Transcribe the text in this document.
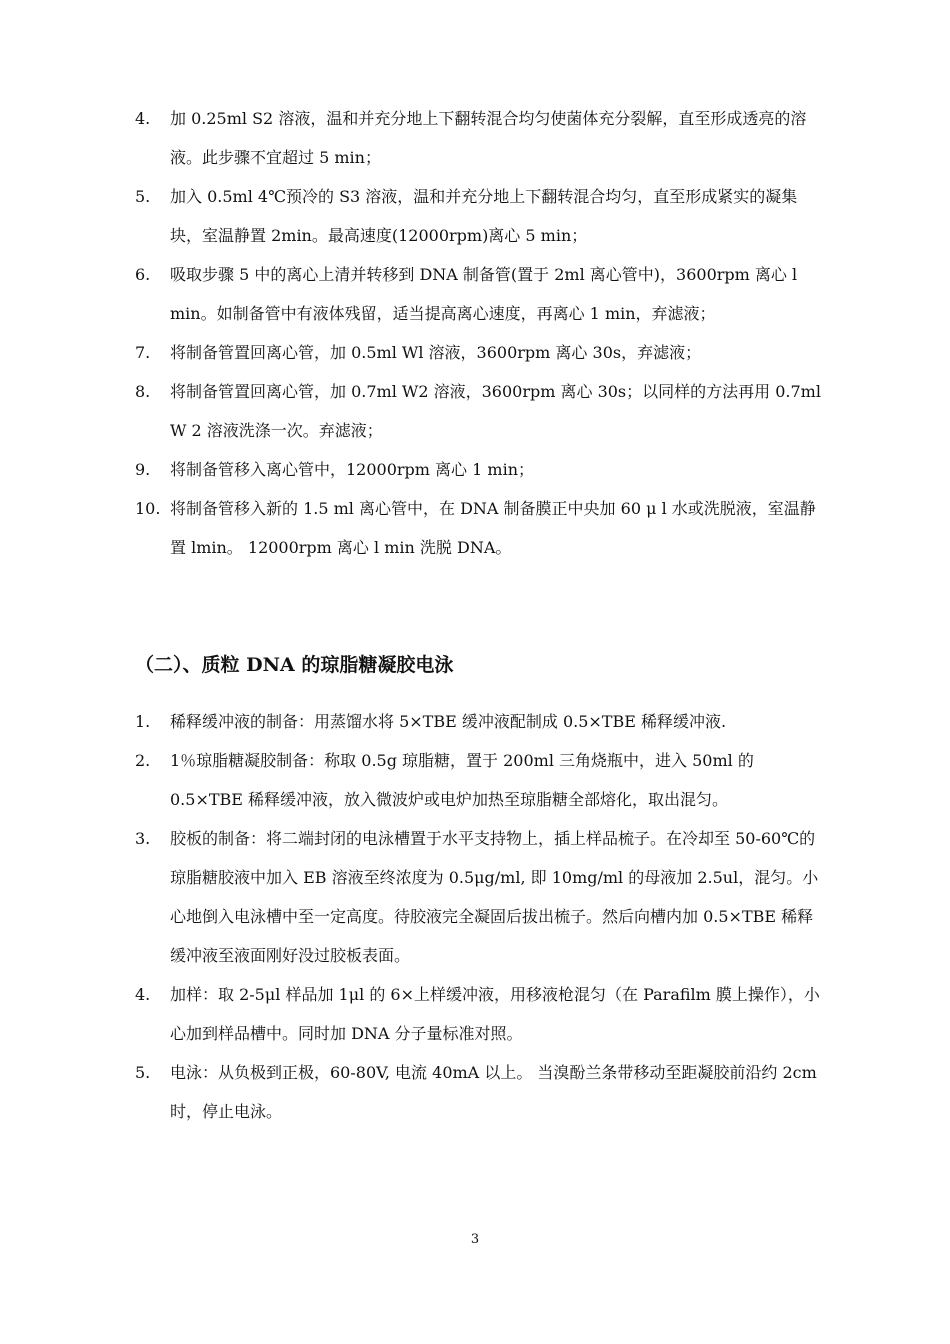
4. 加 0.25ml S2 溶液，温和并充分地上下翻转混合均匀使菌体充分裂解，直至形成透亮的溶液。此步骤不宜超过 5 min；
5. 加入 0.5ml 4℃预冷的 S3 溶液，温和并充分地上下翻转混合均匀，直至形成紧实的凝集块，室温静置 2min。最高速度(12000rpm)离心 5 min；
6. 吸取步骤 5 中的离心上清并转移到 DNA 制备管(置于 2ml 离心管中)，3600rpm 离心 l min。如制备管中有液体残留，适当提高离心速度，再离心 1 min，弃滤液；
7. 将制备管置回离心管，加 0.5ml Wl 溶液，3600rpm 离心 30s，弃滤液；
8. 将制备管置回离心管，加 0.7ml W2 溶液，3600rpm 离心 30s；以同样的方法再用 0.7ml W 2 溶液洗涤一次。弃滤液；
9. 将制备管移入离心管中，12000rpm 离心 1 min；
10. 将制备管移入新的 1.5 ml 离心管中，在 DNA 制备膜正中央加 60 μ l 水或洗脱液，室温静置 lmin。 12000rpm 离心 l min 洗脱 DNA。
（二）、质粒 DNA 的琼脂糖凝胶电泳
1. 稀释缓冲液的制备：用蒸馏水将 5×TBE 缓冲液配制成 0.5×TBE 稀释缓冲液.
2. 1％琼脂糖凝胶制备：称取 0.5g 琼脂糖，置于 200ml 三角烧瓶中，进入 50ml 的 0.5×TBE 稀释缓冲液，放入微波炉或电炉加热至琼脂糖全部熔化，取出混匀。
3. 胶板的制备：将二端封闭的电泳槽置于水平支持物上，插上样品梳子。在冷却至 50-60℃的琼脂糖胶液中加入 EB 溶液至终浓度为 0.5μg/ml, 即 10mg/ml 的母液加 2.5ul，混匀。小心地倒入电泳槽中至一定高度。待胶液完全凝固后拔出梳子。然后向槽内加 0.5×TBE 稀释缓冲液至液面刚好没过胶板表面。
4. 加样：取 2-5μl 样品加 1μl 的 6×上样缓冲液，用移液枪混匀（在 Parafilm 膜上操作），小心加到样品槽中。同时加 DNA 分子量标准对照。
5. 电泳：从负极到正极，60-80V, 电流 40mA 以上。 当溴酚兰条带移动至距凝胶前沿约 2cm 时，停止电泳。
3
